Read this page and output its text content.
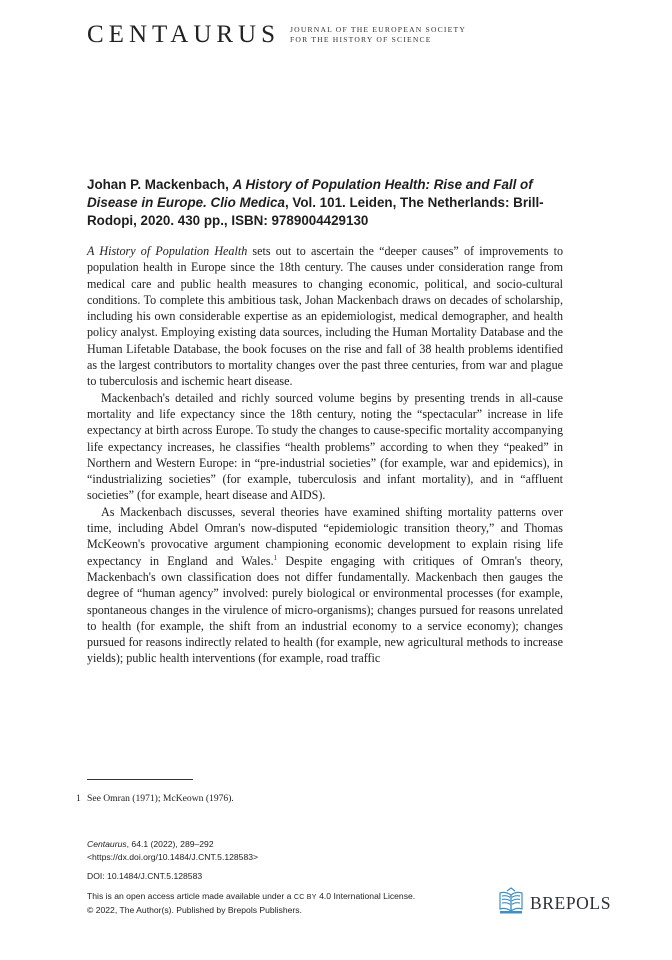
CENTAURUS JOURNAL OF THE EUROPEAN SOCIETY
FOR THE HISTORY OF SCIENCE
Johan P. Mackenbach, A History of Population Health: Rise and Fall of Disease in Europe. Clio Medica, Vol. 101. Leiden, The Netherlands: Brill-Rodopi, 2020. 430 pp., ISBN: 9789004429130

A History of Population Health sets out to ascertain the “deeper causes” of improvements to population health in Europe since the 18th century. The causes under consideration range from medical care and public health measures to changing economic, political, and socio-cultural conditions. To complete this ambitious task, Johan Mackenbach draws on decades of scholarship, including his own considerable expertise as an epidemiologist, medical demographer, and health policy analyst. Employing existing data sources, including the Human Mortality Database and the Human Lifetable Database, the book focuses on the rise and fall of 38 health problems identified as the largest contributors to mortality changes over the past three centuries, from war and plague to tuberculosis and ischemic heart disease.

Mackenbach's detailed and richly sourced volume begins by presenting trends in all-cause mortality and life expectancy since the 18th century, noting the “spectacular” increase in life expectancy at birth across Europe. To study the changes to cause-specific mortality accompanying life expectancy increases, he classifies “health problems” according to when they “peaked” in Northern and Western Europe: in “pre-industrial societies” (for example, war and epidemics), in “industrializing societies” (for example, tuberculosis and infant mortality), and in “affluent societies” (for example, heart disease and AIDS).

As Mackenbach discusses, several theories have examined shifting mortality patterns over time, including Abdel Omran's now-disputed “epidemiologic transition theory,” and Thomas McKeown's provocative argument championing economic development to explain rising life expectancy in England and Wales.$^1$ Despite engaging with critiques of Omran's theory, Mackenbach's own classification does not differ fundamentally. Mackenbach then gauges the degree of “human agency” involved: purely biological or environmental processes (for example, spontaneous changes in the virulence of micro-organisms); changes pursued for reasons unrelated to health (for example, the shift from an industrial economy to a service economy); changes pursued for reasons indirectly related to health (for example, new agricultural methods to increase yields); public health interventions (for example, road traffic

1 See Omran (1971); McKeown (1976).
Centaurus, 64.1 (2022), 289–292
<https://dx.doi.org/10.1484/J.CNT.5.128583>
DOI: 10.1484/J.CNT.5.128583
This is an open access article made available under a CC BY 4.0 International License.
© 2022, The Author(s). Published by Brepols Publishers.	BREPOLS
